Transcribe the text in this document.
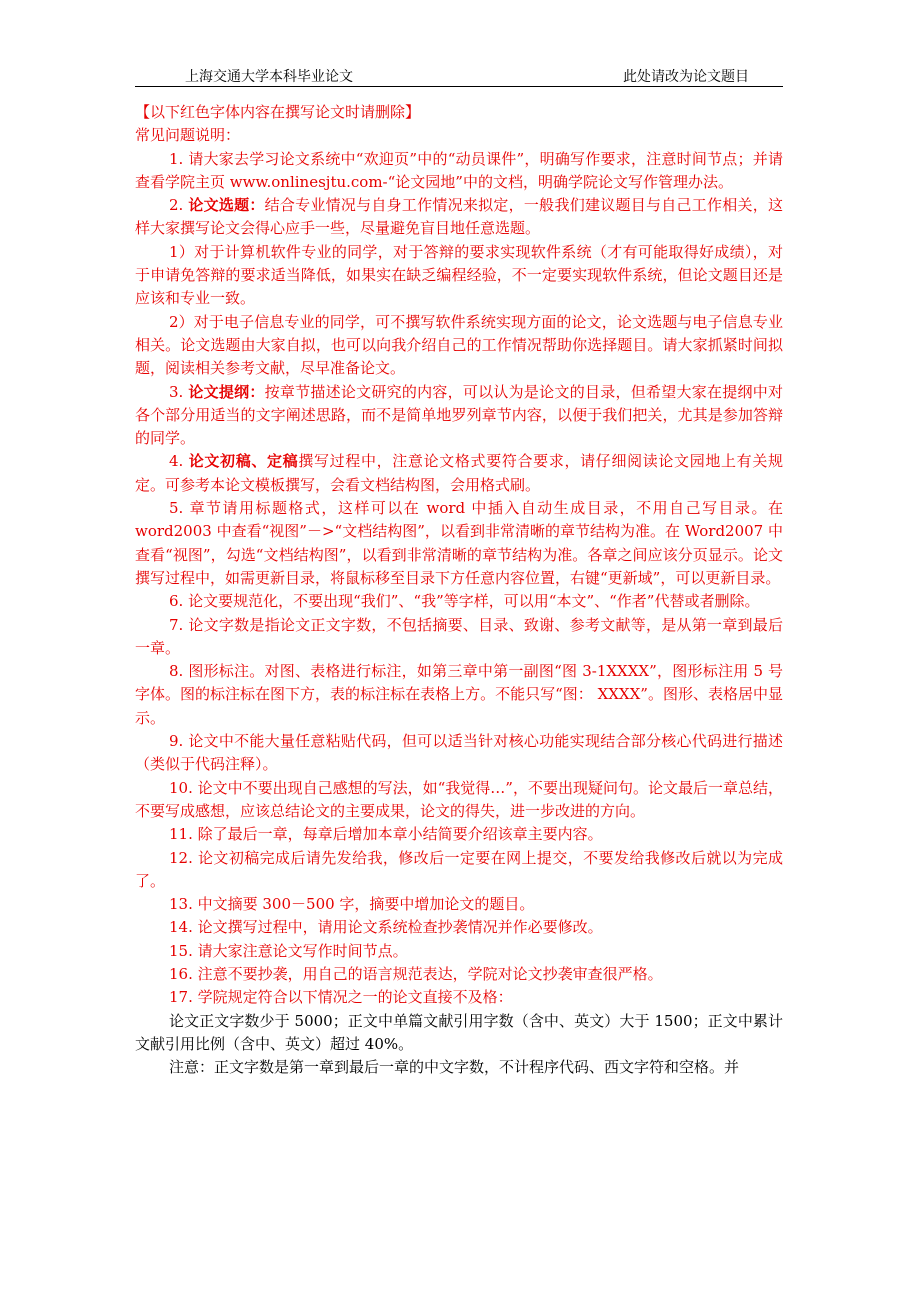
上海交通大学本科毕业论文	此处请改为论文题目

【以下红色字体内容在撰写论文时请删除】

常见问题说明：

1. 请大家去学习论文系统中“欢迎页”中的“动员课件”，明确写作要求，注意时间节点；并请查看学院主页 www.onlinesjtu.com-“论文园地”中的文档，明确学院论文写作管理办法。

2. 论文选题：结合专业情况与自身工作情况来拟定，一般我们建议题目与自己工作相关，这样大家撰写论文会得心应手一些，尽量避免盲目地任意选题。

1）对于计算机软件专业的同学，对于答辩的要求实现软件系统（才有可能取得好成绩），对于申请免答辩的要求适当降低，如果实在缺乏编程经验，不一定要实现软件系统，但论文题目还是应该和专业一致。

2）对于电子信息专业的同学，可不撰写软件系统实现方面的论文，论文选题与电子信息专业相关。论文选题由大家自拟，也可以向我介绍自己的工作情况帮助你选择题目。请大家抓紧时间拟题，阅读相关参考文献，尽早准备论文。

3. 论文提纲：按章节描述论文研究的内容，可以认为是论文的目录，但希望大家在提纲中对各个部分用适当的文字阐述思路，而不是简单地罗列章节内容，以便于我们把关，尤其是参加答辩的同学。

4. 论文初稿、定稿撰写过程中，注意论文格式要符合要求，请仔细阅读论文园地上有关规定。可参考本论文模板撰写，会看文档结构图，会用格式刷。

5. 章节请用标题格式，这样可以在 word 中插入自动生成目录，不用自己写目录。在 word2003 中查看“视图”－>“文档结构图”，以看到非常清晰的章节结构为准。在 Word2007 中查看“视图”，勾选“文档结构图”，以看到非常清晰的章节结构为准。各章之间应该分页显示。论文撰写过程中，如需更新目录，将鼠标移至目录下方任意内容位置，右键“更新域”，可以更新目录。

6. 论文要规范化，不要出现“我们”、“我”等字样，可以用“本文”、“作者”代替或者删除。

7. 论文字数是指论文正文字数，不包括摘要、目录、致谢、参考文献等，是从第一章到最后一章。

8. 图形标注。对图、表格进行标注，如第三章中第一副图“图 3-1XXXX”，图形标注用 5 号字体。图的标注标在图下方，表的标注标在表格上方。不能只写“图： XXXX”。图形、表格居中显示。

9. 论文中不能大量任意粘贴代码，但可以适当针对核心功能实现结合部分核心代码进行描述（类似于代码注释）。

10. 论文中不要出现自己感想的写法，如“我觉得…”，不要出现疑问句。论文最后一章总结，不要写成感想，应该总结论文的主要成果，论文的得失，进一步改进的方向。

11. 除了最后一章，每章后增加本章小结简要介绍该章主要内容。

12. 论文初稿完成后请先发给我，修改后一定要在网上提交，不要发给我修改后就以为完成了。

13. 中文摘要 300－500 字，摘要中增加论文的题目。

14. 论文撰写过程中，请用论文系统检查抄袭情况并作必要修改。

15. 请大家注意论文写作时间节点。

16. 注意不要抄袭，用自己的语言规范表达，学院对论文抄袭审查很严格。

17. 学院规定符合以下情况之一的论文直接不及格：

论文正文字数少于 5000；正文中单篇文献引用字数（含中、英文）大于 1500；正文中累计文献引用比例（含中、英文）超过 40%。

注意：正文字数是第一章到最后一章的中文字数，不计程序代码、西文字符和空格。并
